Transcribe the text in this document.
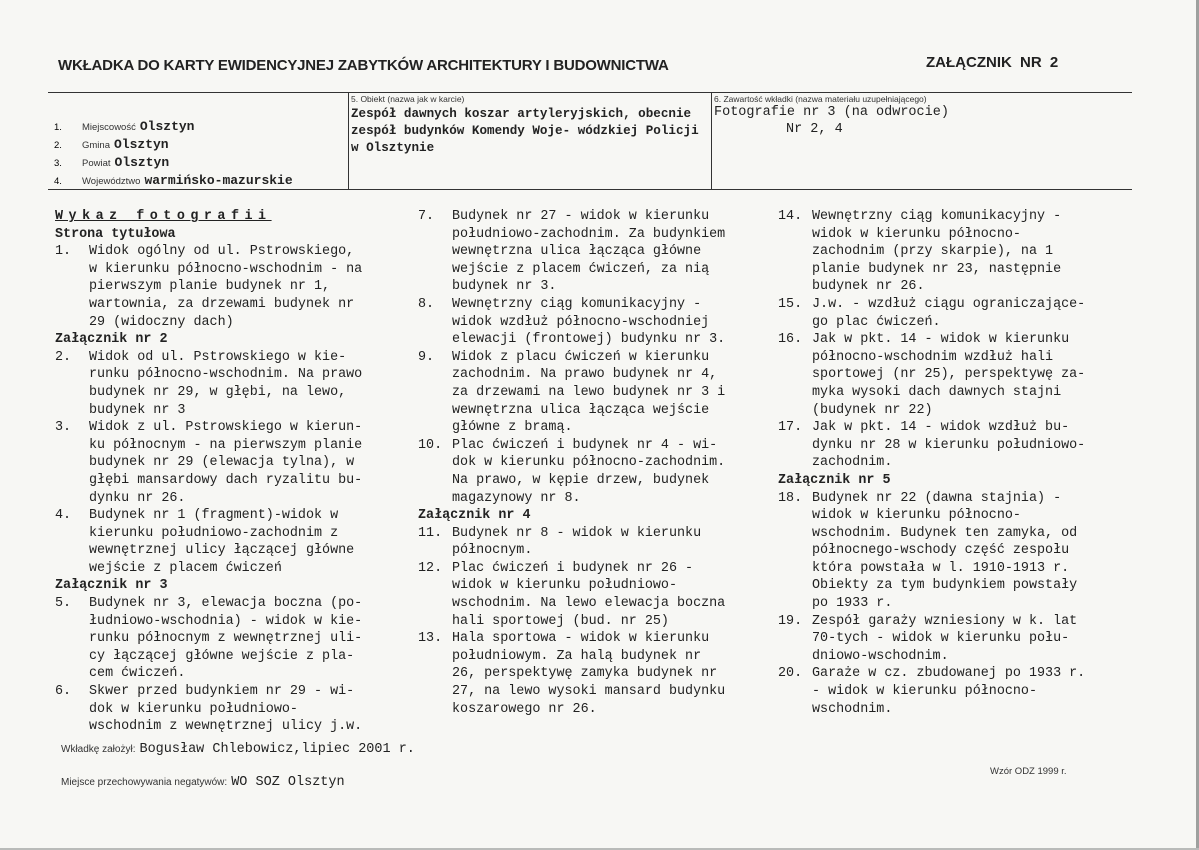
WKŁADKA DO KARTY EWIDENCYJNEJ ZABYTKÓW ARCHITEKTURY I BUDOWNICTWA	ZAŁĄCZNIK NR 2
1. Miejscowość Olsztyn
2. Gmina Olsztyn
3. Powiat Olsztyn
4. Województwo warmińsko-mazurskie
5. Obiekt (nazwa jak w karcie)
Zespół dawnych koszar artyleryjskich, obecnie zespół budynków Komendy Woje- wódzkiej Policji w Olsztynie
6. Zawartość wkładki (nazwa materiału uzupełniającego)
Fotografie nr 3 (na odwrocie)
Nr 2, 4
Wykaz fotografii
Strona tytułowa
1. Widok ogólny od ul. Pstrowskiego,
w kierunku północno-wschodnim - na
pierwszym planie budynek nr 1,
wartownia, za drzewami budynek nr
29 (widoczny dach)
Załącznik nr 2
2. Widok od ul. Pstrowskiego w kie-
runku północno-wschodnim. Na prawo
budynek nr 29, w głębi, na lewo,
budynek nr 3
3. Widok z ul. Pstrowskiego w kierun-
ku północnym - na pierwszym planie
budynek nr 29 (elewacja tylna), w
głębi mansardowy dach ryzalitu bu-
dynku nr 26.
4. Budynek nr 1 (fragment)-widok w
kierunku południowo-zachodnim z
wewnętrznej ulicy łączącej główne
wejście z placem ćwiczeń
Załącznik nr 3
5. Budynek nr 3, elewacja boczna (po-
łudniowo-wschodnia) - widok w kie-
runku północnym z wewnętrznej uli-
cy łączącej główne wejście z pla-
cem ćwiczeń.
6. Skwer przed budynkiem nr 29 - wi-
dok w kierunku południowo-
wschodnim z wewnętrznej ulicy j.w.
7. Budynek nr 27 - widok w kierunku
południowo-zachodnim. Za budynkiem
wewnętrzna ulica łącząca główne
wejście z placem ćwiczeń, za nią
budynek nr 3.
8. Wewnętrzny ciąg komunikacyjny -
widok wzdłuż północno-wschodniej
elewacji (frontowej) budynku nr 3.
9. Widok z placu ćwiczeń w kierunku
zachodnim. Na prawo budynek nr 4,
za drzewami na lewo budynek nr 3 i
wewnętrzna ulica łącząca wejście
główne z bramą.
10. Plac ćwiczeń i budynek nr 4 - wi-
dok w kierunku północno-zachodnim.
Na prawo, w kępie drzew, budynek
magazynowy nr 8.
Załącznik nr 4
11. Budynek nr 8 - widok w kierunku
północnym.
12. Plac ćwiczeń i budynek nr 26 -
widok w kierunku południowo-
wschodnim. Na lewo elewacja boczna
hali sportowej (bud. nr 25)
13. Hala sportowa - widok w kierunku
południowym. Za halą budynek nr
26, perspektywę zamyka budynek nr
27, na lewo wysoki mansard budynku
koszarowego nr 26.
14. Wewnętrzny ciąg komunikacyjny -
widok w kierunku północno-
zachodnim (przy skarpie), na 1
planie budynek nr 23, następnie
budynek nr 26.
15. J.w. - wzdłuż ciągu ograniczające-
go plac ćwiczeń.
16. Jak w pkt. 14 - widok w kierunku
północno-wschodnim wzdłuż hali
sportowej (nr 25), perspektywę za-
myka wysoki dach dawnych stajni
(budynek nr 22)
17. Jak w pkt. 14 - widok wzdłuż bu-
dynku nr 28 w kierunku południowo-
zachodnim.
Załącznik nr 5
18. Budynek nr 22 (dawna stajnia) -
widok w kierunku północno-
wschodnim. Budynek ten zamyka, od
północnego-wschody część zespołu
która powstała w l. 1910-1913 r.
Obiekty za tym budynkiem powstały
po 1933 r.
19. Zespół garaży wzniesiony w k. lat
70-tych - widok w kierunku połu-
dniowo-wschodnim.
20. Garaże w cz. zbudowanej po 1933 r.
- widok w kierunku północno-
wschodnim.
Wkładkę założył: Bogusław Chlebowicz,lipiec 2001 r.
Miejsce przechowywania negatywów: WO SOZ Olsztyn
Wzór ODZ 1999 r.
